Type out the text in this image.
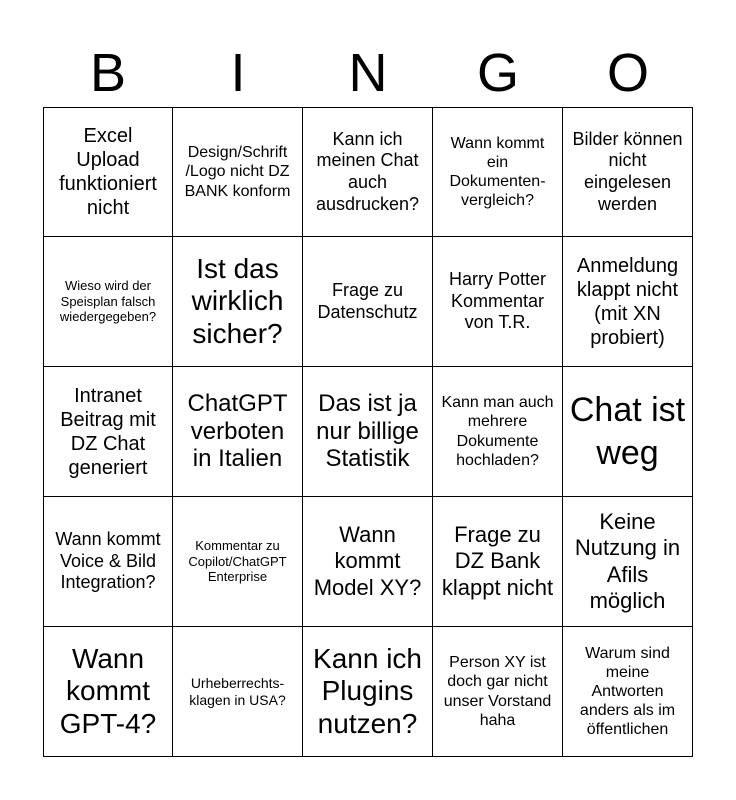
B	I	N	G	O
Excel Upload funktioniert nicht
Design/Schrift /Logo nicht DZ BANK konform
Kann ich meinen Chat auch ausdrucken?
Wann kommt ein Dokumenten-vergleich?
Bilder können nicht eingelesen werden
Wieso wird der Speisplan falsch wiedergegeben?
Ist das wirklich sicher?
Frage zu Datenschutz
Harry Potter Kommentar von T.R.
Anmeldung klappt nicht (mit XN probiert)
Intranet Beitrag mit DZ Chat generiert
ChatGPT verboten in Italien
Das ist ja nur billige Statistik
Kann man auch mehrere Dokumente hochladen?
Chat ist weg
Wann kommt Voice & Bild Integration?
Kommentar zu Copilot/ChatGPT Enterprise
Wann kommt Model XY?
Frage zu DZ Bank klappt nicht
Keine Nutzung in Afils möglich
Wann kommt GPT-4?
Urheberrechts-klagen in USA?
Kann ich Plugins nutzen?
Person XY ist doch gar nicht unser Vorstand haha
Warum sind meine Antworten anders als im öffentlichen
